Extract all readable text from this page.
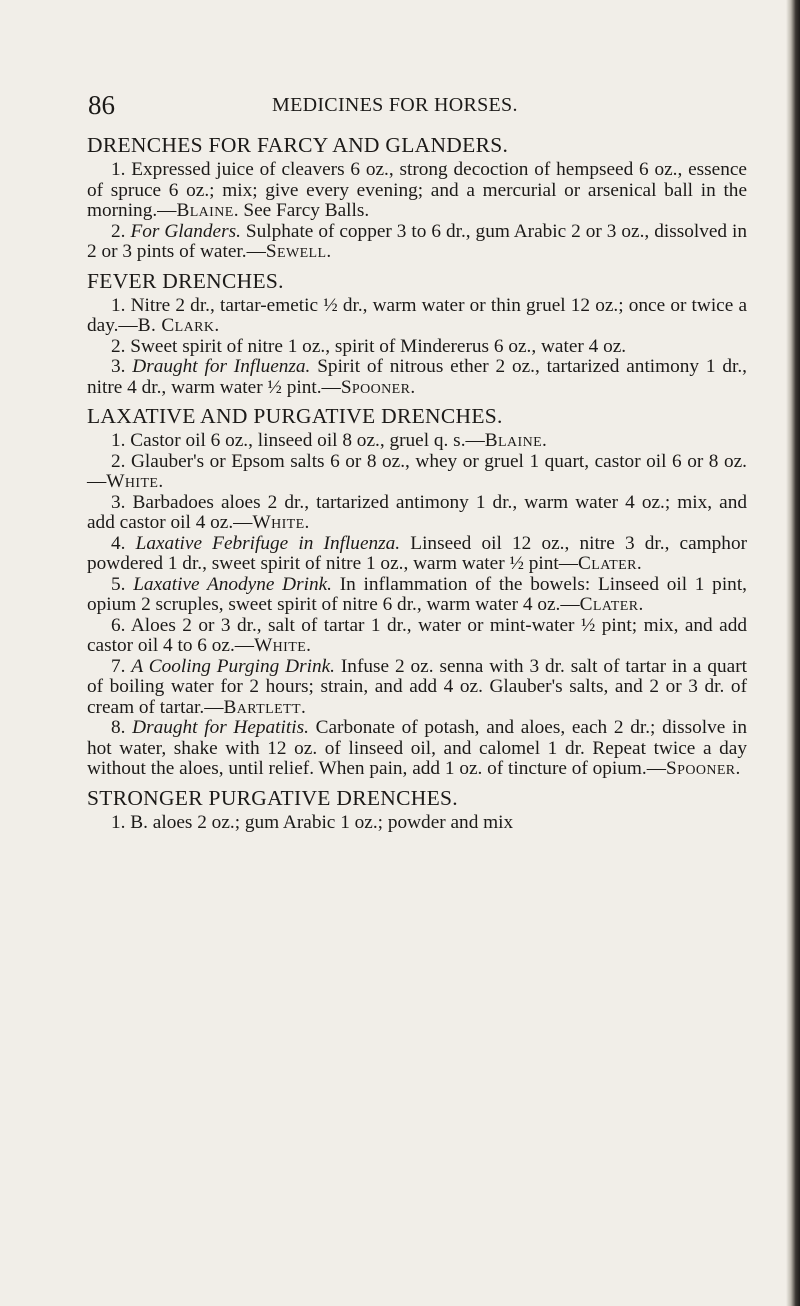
86	MEDICINES FOR HORSES.
DRENCHES FOR FARCY AND GLANDERS.

1. Expressed juice of cleavers 6 oz., strong decoction of hempseed 6 oz., essence of spruce 6 oz.; mix; give every evening; and a mercurial or arsenical ball in the morning.—Blaine. See Farcy Balls.

2. For Glanders. Sulphate of copper 3 to 6 dr., gum Arabic 2 or 3 oz., dissolved in 2 or 3 pints of water.—Sewell.

FEVER DRENCHES.

1. Nitre 2 dr., tartar-emetic ½ dr., warm water or thin gruel 12 oz.; once or twice a day.—B. Clark.

2. Sweet spirit of nitre 1 oz., spirit of Mindererus 6 oz., water 4 oz.

3. Draught for Influenza. Spirit of nitrous ether 2 oz., tartarized antimony 1 dr., nitre 4 dr., warm water ½ pint.—Spooner.

LAXATIVE AND PURGATIVE DRENCHES.

1. Castor oil 6 oz., linseed oil 8 oz., gruel q. s.—Blaine.

2. Glauber's or Epsom salts 6 or 8 oz., whey or gruel 1 quart, castor oil 6 or 8 oz.—White.

3. Barbadoes aloes 2 dr., tartarized antimony 1 dr., warm water 4 oz.; mix, and add castor oil 4 oz.—White.

4. Laxative Febrifuge in Influenza. Linseed oil 12 oz., nitre 3 dr., camphor powdered 1 dr., sweet spirit of nitre 1 oz., warm water ½ pint—Clater.

5. Laxative Anodyne Drink. In inflammation of the bowels: Linseed oil 1 pint, opium 2 scruples, sweet spirit of nitre 6 dr., warm water 4 oz.—Clater.

6. Aloes 2 or 3 dr., salt of tartar 1 dr., water or mint-water ½ pint; mix, and add castor oil 4 to 6 oz.—White.

7. A Cooling Purging Drink. Infuse 2 oz. senna with 3 dr. salt of tartar in a quart of boiling water for 2 hours; strain, and add 4 oz. Glauber's salts, and 2 or 3 dr. of cream of tartar.—Bartlett.

8. Draught for Hepatitis. Carbonate of potash, and aloes, each 2 dr.; dissolve in hot water, shake with 12 oz. of linseed oil, and calomel 1 dr. Repeat twice a day without the aloes, until relief. When pain, add 1 oz. of tincture of opium.—Spooner.

STRONGER PURGATIVE DRENCHES.

1. B. aloes 2 oz.; gum Arabic 1 oz.; powder and mix
